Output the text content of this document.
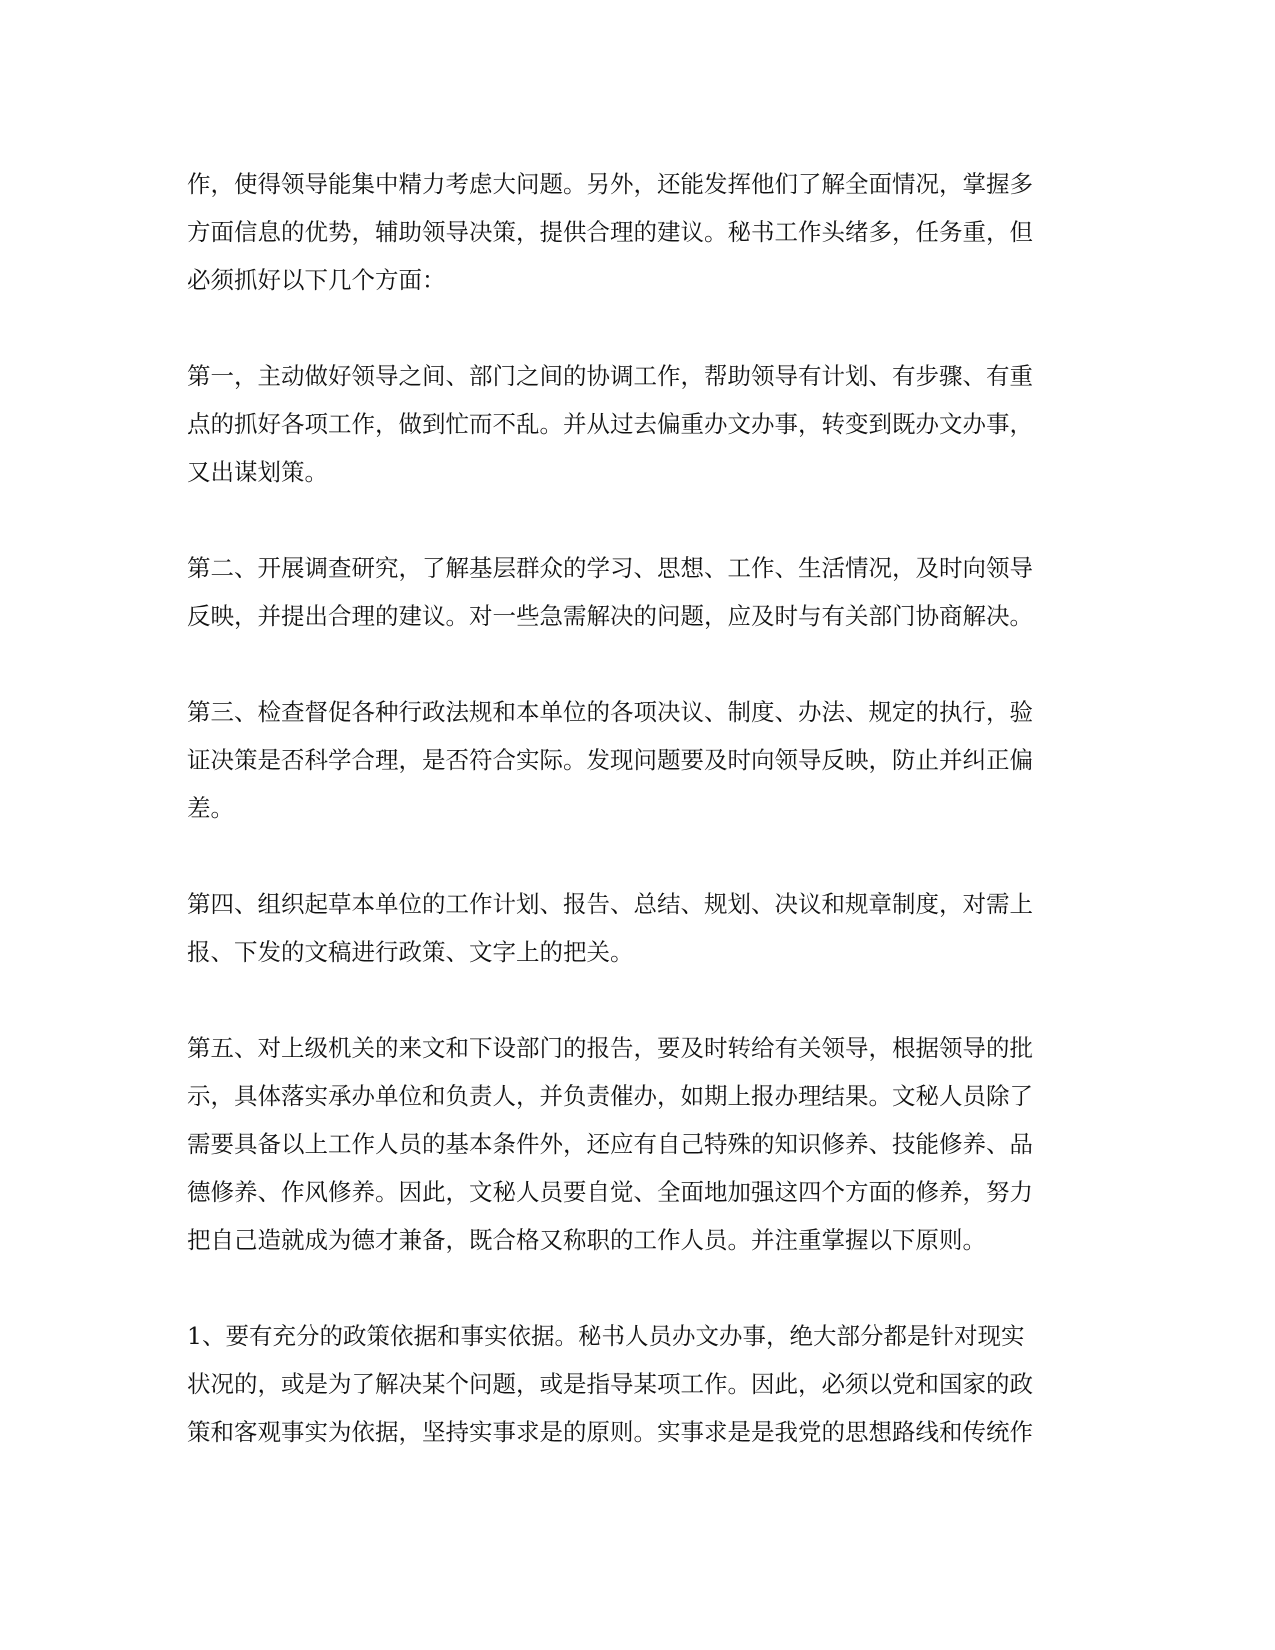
作，使得领导能集中精力考虑大问题。另外，还能发挥他们了解全面情况，掌握多
方面信息的优势，辅助领导决策，提供合理的建议。秘书工作头绪多，任务重，但
必须抓好以下几个方面：

第一，主动做好领导之间、部门之间的协调工作，帮助领导有计划、有步骤、有重
点的抓好各项工作，做到忙而不乱。并从过去偏重办文办事，转变到既办文办事，
又出谋划策。

第二、开展调查研究，了解基层群众的学习、思想、工作、生活情况，及时向领导
反映，并提出合理的建议。对一些急需解决的问题，应及时与有关部门协商解决。

第三、检查督促各种行政法规和本单位的各项决议、制度、办法、规定的执行，验
证决策是否科学合理，是否符合实际。发现问题要及时向领导反映，防止并纠正偏
差。

第四、组织起草本单位的工作计划、报告、总结、规划、决议和规章制度，对需上
报、下发的文稿进行政策、文字上的把关。

第五、对上级机关的来文和下设部门的报告，要及时转给有关领导，根据领导的批
示，具体落实承办单位和负责人，并负责催办，如期上报办理结果。文秘人员除了
需要具备以上工作人员的基本条件外，还应有自己特殊的知识修养、技能修养、品
德修养、作风修养。因此，文秘人员要自觉、全面地加强这四个方面的修养，努力
把自己造就成为德才兼备，既合格又称职的工作人员。并注重掌握以下原则。

1、要有充分的政策依据和事实依据。秘书人员办文办事，绝大部分都是针对现实
状况的，或是为了解决某个问题，或是指导某项工作。因此，必须以党和国家的政
策和客观事实为依据，坚持实事求是的原则。实事求是是我党的思想路线和传统作
